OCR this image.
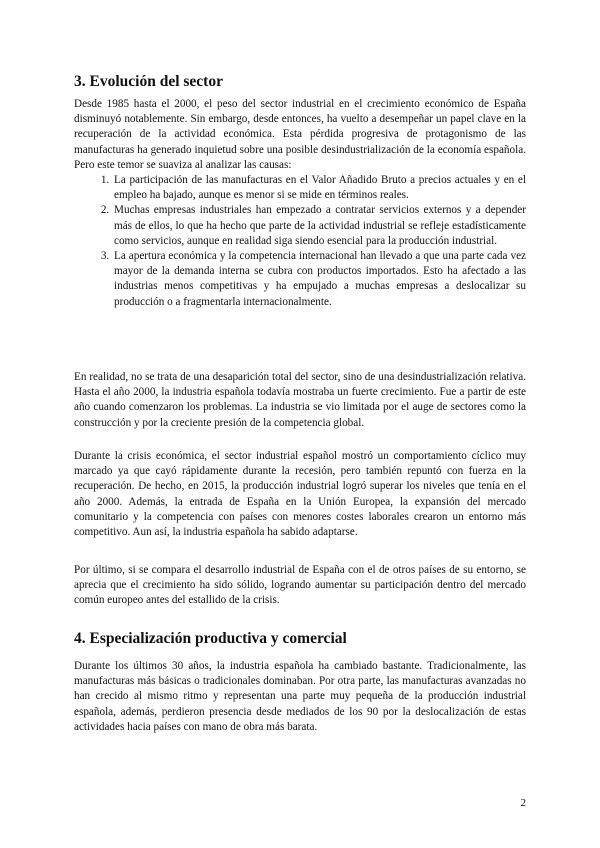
3. Evolución del sector

Desde 1985 hasta el 2000, el peso del sector industrial en el crecimiento económico de España disminuyó notablemente. Sin embargo, desde entonces, ha vuelto a desempeñar un papel clave en la recuperación de la actividad económica. Esta pérdida progresiva de protagonismo de las manufacturas ha generado inquietud sobre una posible desindustrialización de la economía española. Pero este temor se suaviza al analizar las causas:

1. La participación de las manufacturas en el Valor Añadido Bruto a precios actuales y en el empleo ha bajado, aunque es menor si se mide en términos reales.
2. Muchas empresas industriales han empezado a contratar servicios externos y a depender más de ellos, lo que ha hecho que parte de la actividad industrial se refleje estadísticamente como servicios, aunque en realidad siga siendo esencial para la producción industrial.
3. La apertura económica y la competencia internacional han llevado a que una parte cada vez mayor de la demanda interna se cubra con productos importados. Esto ha afectado a las industrias menos competitivas y ha empujado a muchas empresas a deslocalizar su producción o a fragmentarla internacionalmente.

En realidad, no se trata de una desaparición total del sector, sino de una desindustrialización relativa. Hasta el año 2000, la industria española todavía mostraba un fuerte crecimiento. Fue a partir de este año cuando comenzaron los problemas. La industria se vio limitada por el auge de sectores como la construcción y por la creciente presión de la competencia global.

Durante la crisis económica, el sector industrial español mostró un comportamiento cíclico muy marcado ya que cayó rápidamente durante la recesión, pero también repuntó con fuerza en la recuperación. De hecho, en 2015, la producción industrial logró superar los niveles que tenía en el año 2000. Además, la entrada de España en la Unión Europea, la expansión del mercado comunitario y la competencia con países con menores costes laborales crearon un entorno más competitivo. Aun así, la industria española ha sabido adaptarse.

Por último, si se compara el desarrollo industrial de España con el de otros países de su entorno, se aprecia que el crecimiento ha sido sólido, logrando aumentar su participación dentro del mercado común europeo antes del estallido de la crisis.

4. Especialización productiva y comercial

Durante los últimos 30 años, la industria española ha cambiado bastante. Tradicionalmente, las manufacturas más básicas o tradicionales dominaban. Por otra parte, las manufacturas avanzadas no han crecido al mismo ritmo y representan una parte muy pequeña de la producción industrial española, además, perdieron presencia desde mediados de los 90 por la deslocalización de estas actividades hacia países con mano de obra más barata.

2
